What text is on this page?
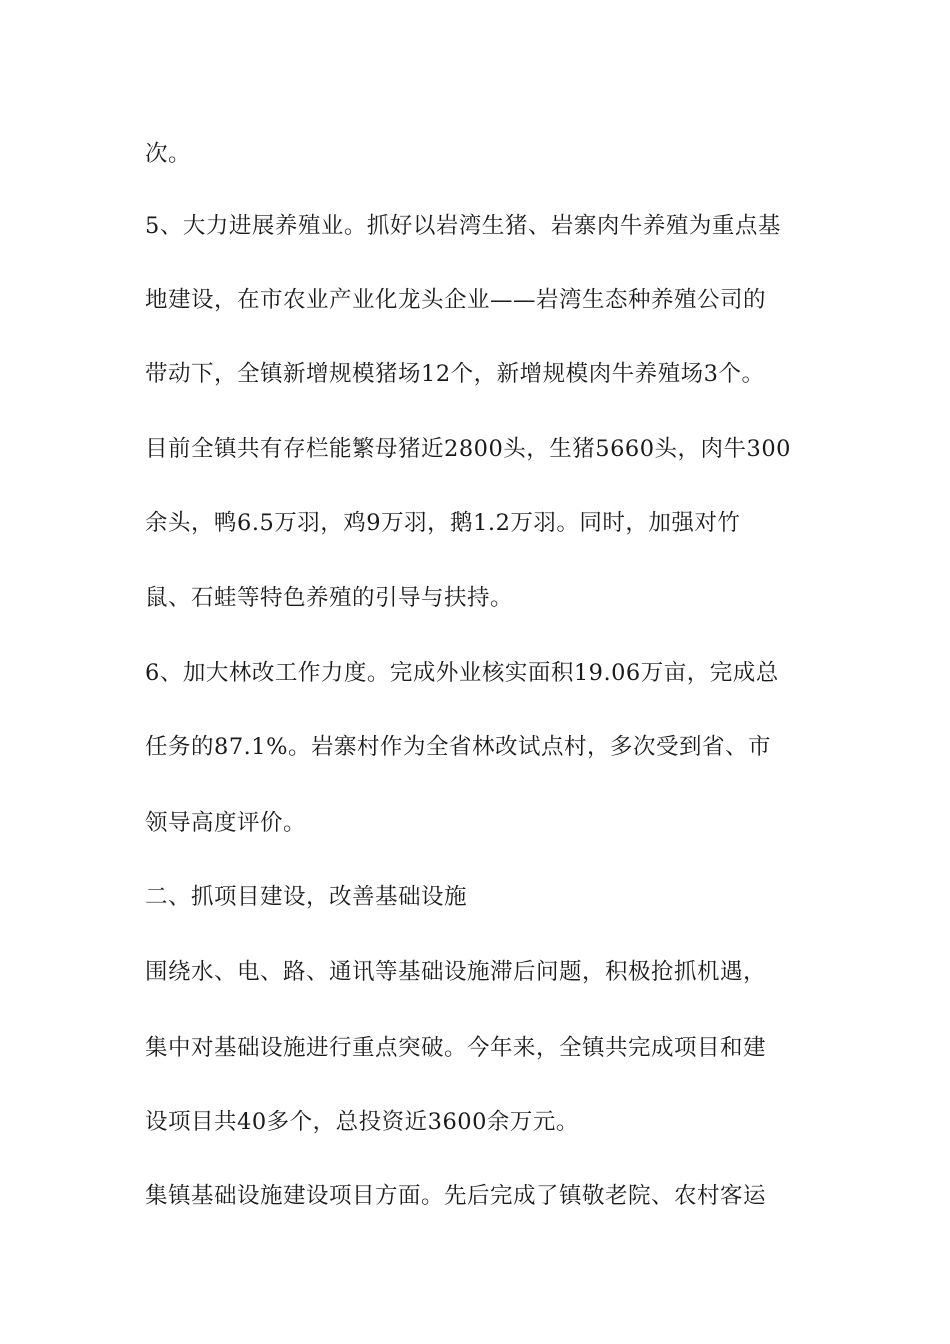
次。
5、大力进展养殖业。抓好以岩湾生猪、岩寨肉牛养殖为重点基
地建设，在市农业产业化龙头企业——岩湾生态种养殖公司的
带动下，全镇新增规模猪场12个，新增规模肉牛养殖场3个。
目前全镇共有存栏能繁母猪近2800头，生猪5660头，肉牛300
余头，鸭6.5万羽，鸡9万羽，鹅1.2万羽。同时，加强对竹
鼠、石蛙等特色养殖的引导与扶持。
6、加大林改工作力度。完成外业核实面积19.06万亩，完成总
任务的87.1%。岩寨村作为全省林改试点村，多次受到省、市
领导高度评价。
二、抓项目建设，改善基础设施
围绕水、电、路、通讯等基础设施滞后问题，积极抢抓机遇，
集中对基础设施进行重点突破。今年来，全镇共完成项目和建
设项目共40多个，总投资近3600余万元。
集镇基础设施建设项目方面。先后完成了镇敬老院、农村客运
